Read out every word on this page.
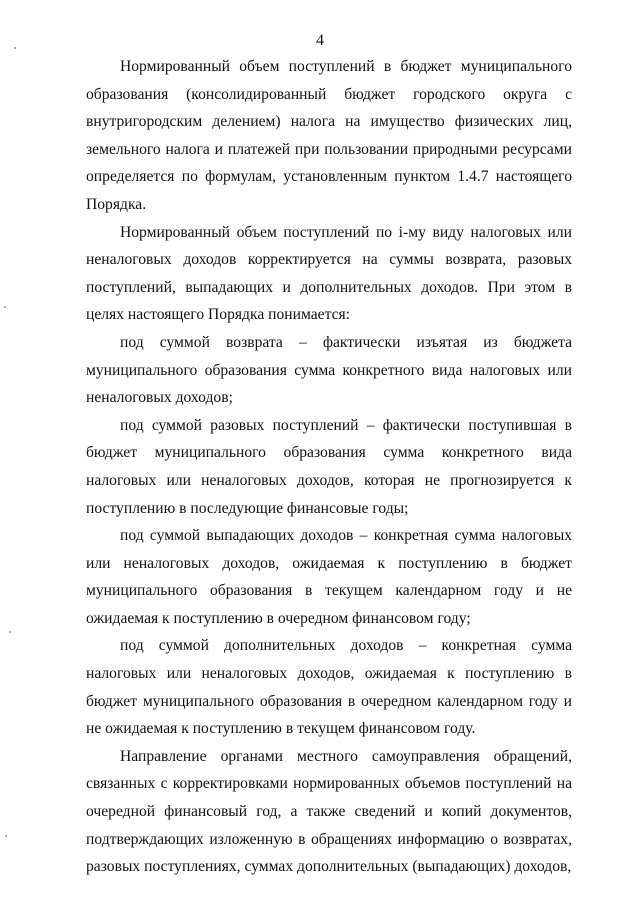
4

Нормированный объем поступлений в бюджет муниципального образования (консолидированный бюджет городского округа с внутригородским делением) налога на имущество физических лиц, земельного налога и платежей при пользовании природными ресурсами определяется по формулам, установленным пунктом 1.4.7 настоящего Порядка.

Нормированный объем поступлений по i-му виду налоговых или неналоговых доходов корректируется на суммы возврата, разовых поступлений, выпадающих и дополнительных доходов. При этом в целях настоящего Порядка понимается:

под суммой возврата – фактически изъятая из бюджета муниципального образования сумма конкретного вида налоговых или неналоговых доходов;

под суммой разовых поступлений – фактически поступившая в бюджет муниципального образования сумма конкретного вида налоговых или неналоговых доходов, которая не прогнозируется к поступлению в последующие финансовые годы;

под суммой выпадающих доходов – конкретная сумма налоговых или неналоговых доходов, ожидаемая к поступлению в бюджет муниципального образования в текущем календарном году и не ожидаемая к поступлению в очередном финансовом году;

под суммой дополнительных доходов – конкретная сумма налоговых или неналоговых доходов, ожидаемая к поступлению в бюджет муниципального образования в очередном календарном году и не ожидаемая к поступлению в текущем финансовом году.

Направление органами местного самоуправления обращений, связанных с корректировками нормированных объемов поступлений на очередной финансовый год, а также сведений и копий документов, подтверждающих изложенную в обращениях информацию о возвратах, разовых поступлениях, суммах дополнительных (выпадающих) доходов,
